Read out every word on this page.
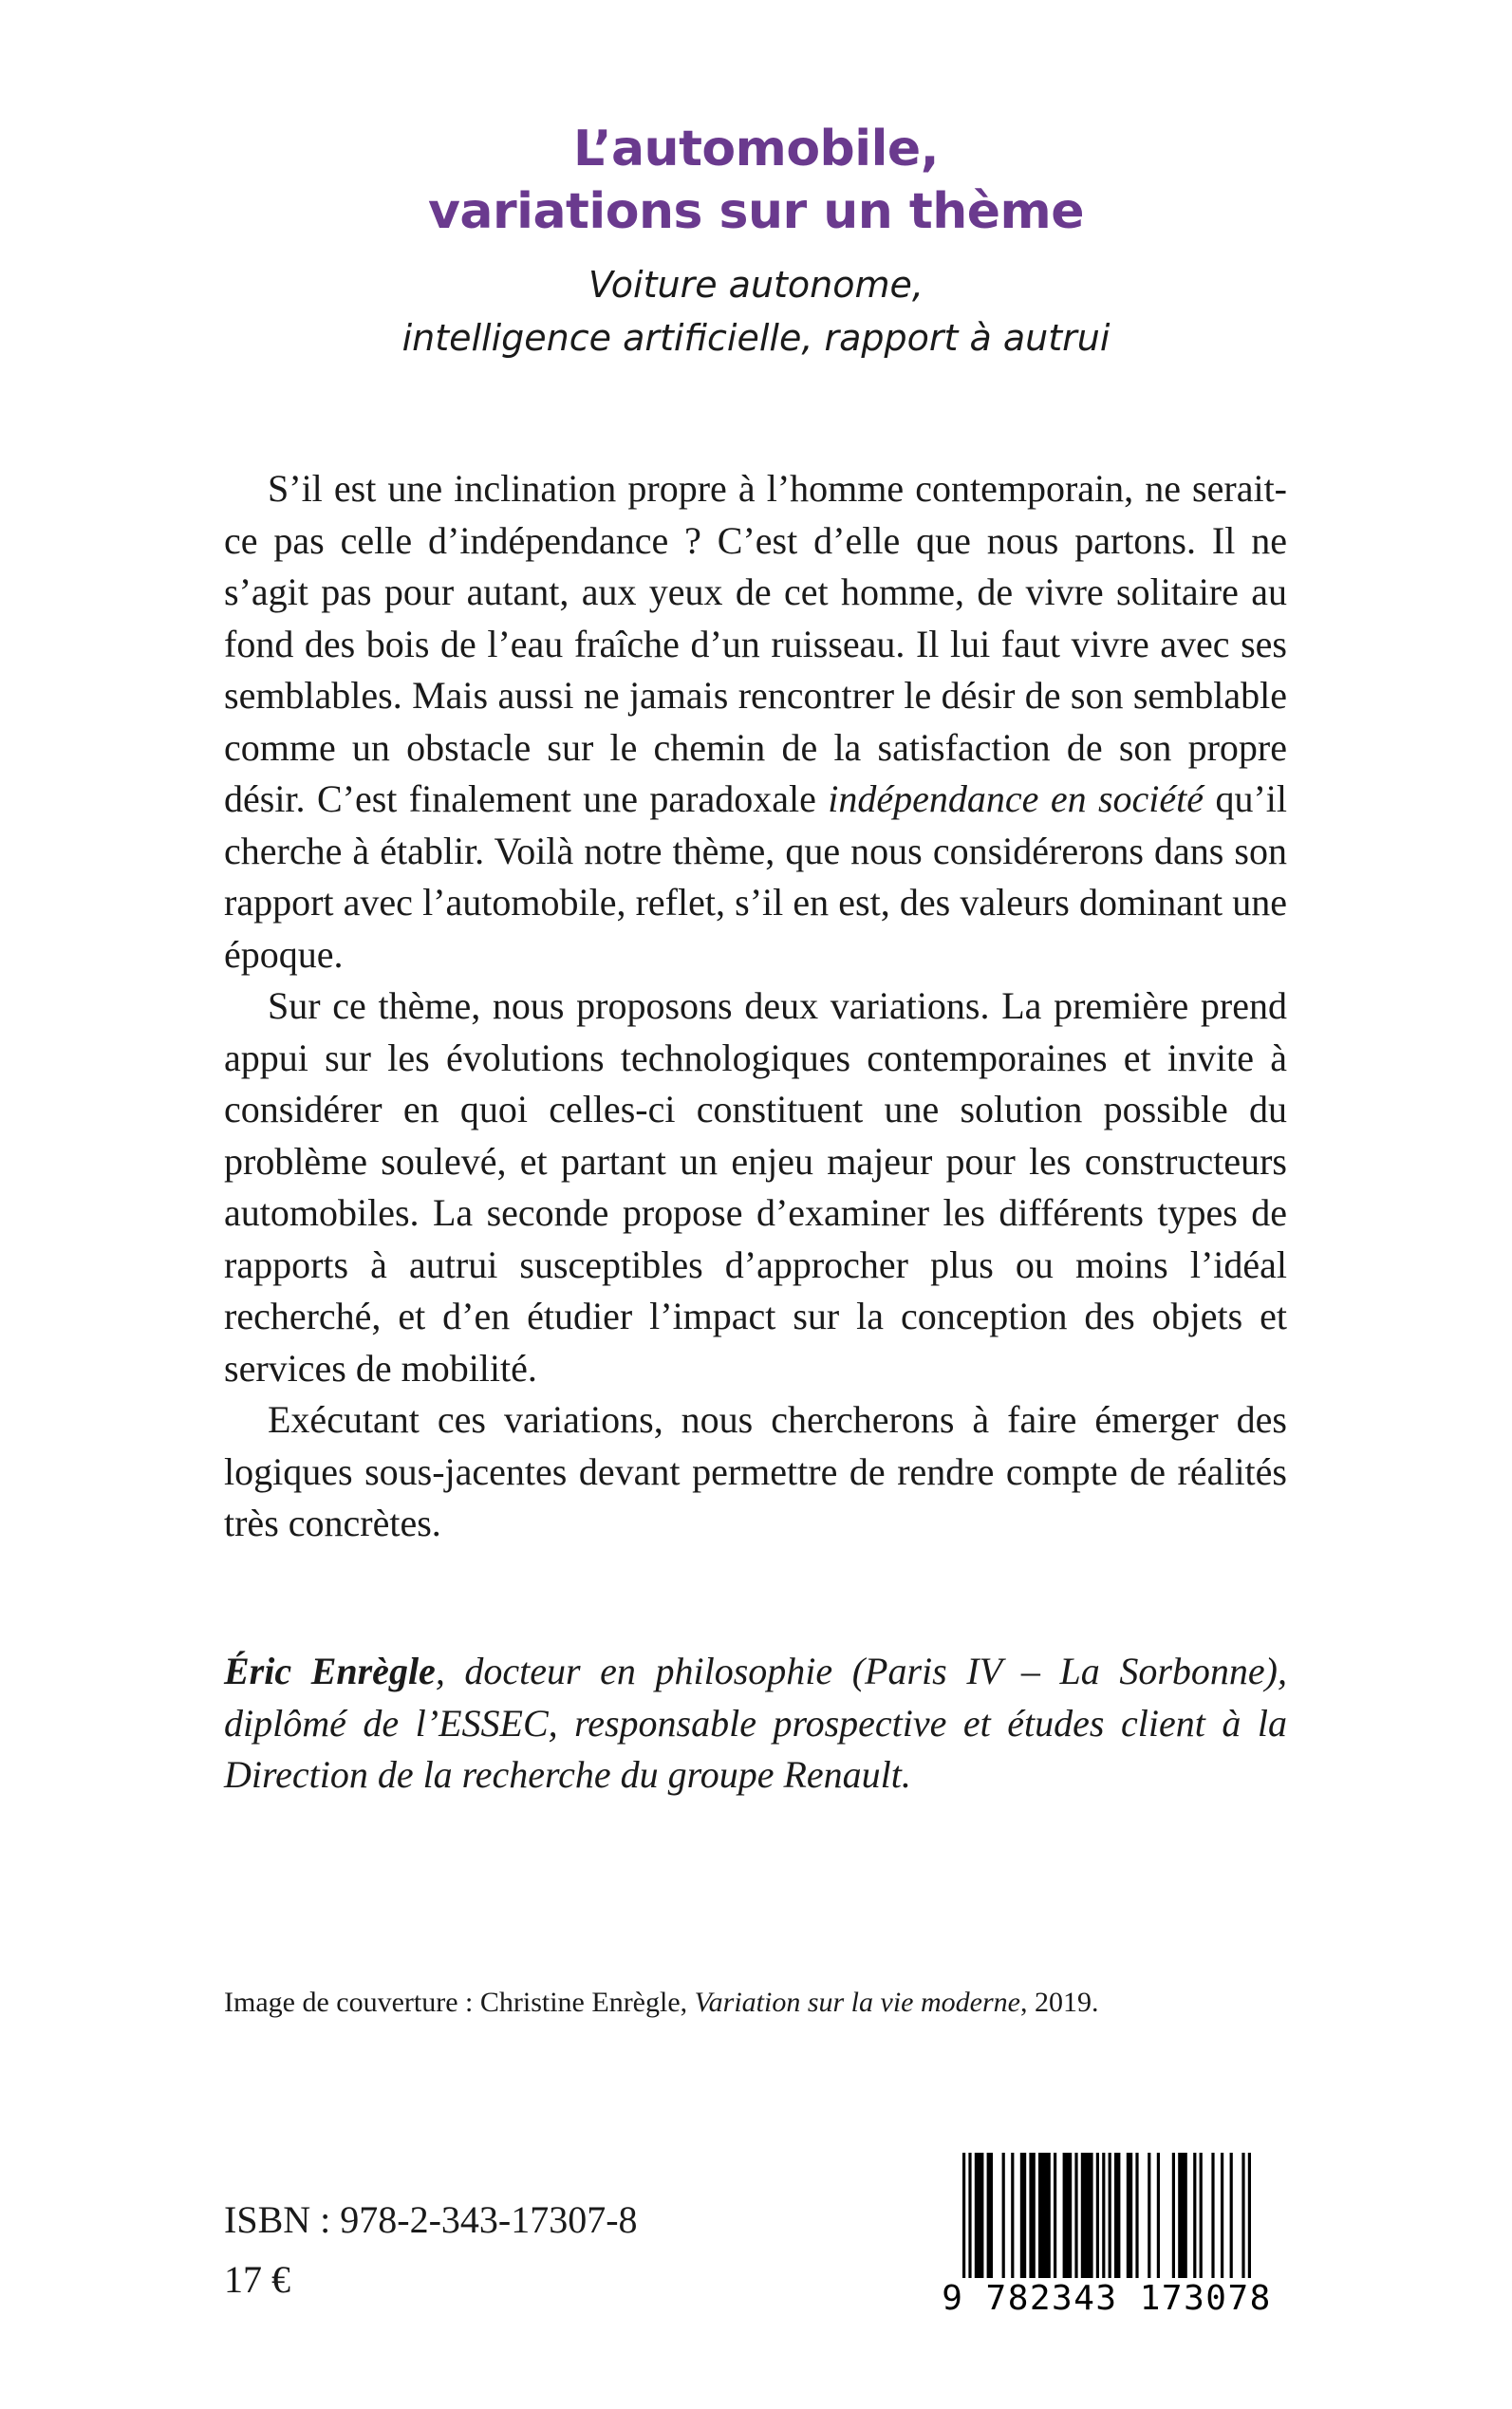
L’automobile,
variations sur un thème
Voiture autonome,
intelligence artificielle, rapport à autrui

S’il est une inclination propre à l’homme contemporain, ne serait-ce pas celle d’indépendance ? C’est d’elle que nous partons. Il ne s’agit pas pour autant, aux yeux de cet homme, de vivre solitaire au fond des bois de l’eau fraîche d’un ruisseau. Il lui faut vivre avec ses semblables. Mais aussi ne jamais rencontrer le désir de son semblable comme un obstacle sur le chemin de la satisfaction de son propre désir. C’est finalement une paradoxale indépendance en société qu’il cherche à établir. Voilà notre thème, que nous considérerons dans son rapport avec l’automobile, reflet, s’il en est, des valeurs dominant une époque.

Sur ce thème, nous proposons deux variations. La première prend appui sur les évolutions technologiques contemporaines et invite à considérer en quoi celles-ci constituent une solution possible du problème soulevé, et partant un enjeu majeur pour les constructeurs automobiles. La seconde propose d’examiner les différents types de rapports à autrui susceptibles d’approcher plus ou moins l’idéal recherché, et d’en étudier l’impact sur la conception des objets et services de mobilité.

Exécutant ces variations, nous chercherons à faire émerger des logiques sous-jacentes devant permettre de rendre compte de réalités très concrètes.

Éric Enrègle, docteur en philosophie (Paris IV – La Sorbonne), diplômé de l’ESSEC, responsable prospective et études client à la Direction de la recherche du groupe Renault.

Image de couverture : Christine Enrègle, Variation sur la vie moderne, 2019.
ISBN : 978-2-343-17307-8
17 €	9 782343 173078
